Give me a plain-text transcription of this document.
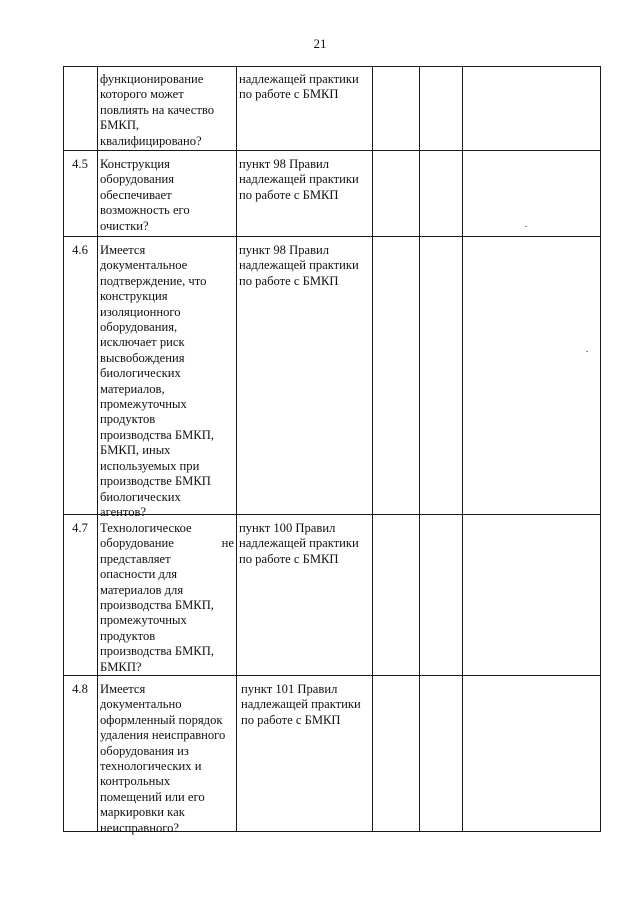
21
функционирование
которого может
повлиять на качество
БМКП,
квалифицировано?
надлежащей практики
по работе с БМКП
4.5 Конструкция
оборудования
обеспечивает
возможность его
очистки?
пункт 98 Правил
надлежащей практики
по работе с БМКП
4.6 Имеется
документальное
подтверждение, что
конструкция
изоляционного
оборудования,
исключает риск
высвобождения
биологических
материалов,
промежуточных
продуктов
производства БМКП,
БМКП, иных
используемых при
производстве БМКП
биологических
агентов?
пункт 98 Правил
надлежащей практики
по работе с БМКП
4.7 Технологическое
оборудование	не
представляет
опасности для
материалов для
производства БМКП,
промежуточных
продуктов
производства БМКП,
БМКП?
пункт 100 Правил
надлежащей практики
по работе с БМКП
4.8 Имеется
документально
оформленный порядок
удаления неисправного
оборудования из
технологических и
контрольных
помещений или его
маркировки как
неисправного?
пункт 101 Правил
надлежащей практики
по работе с БМКП
